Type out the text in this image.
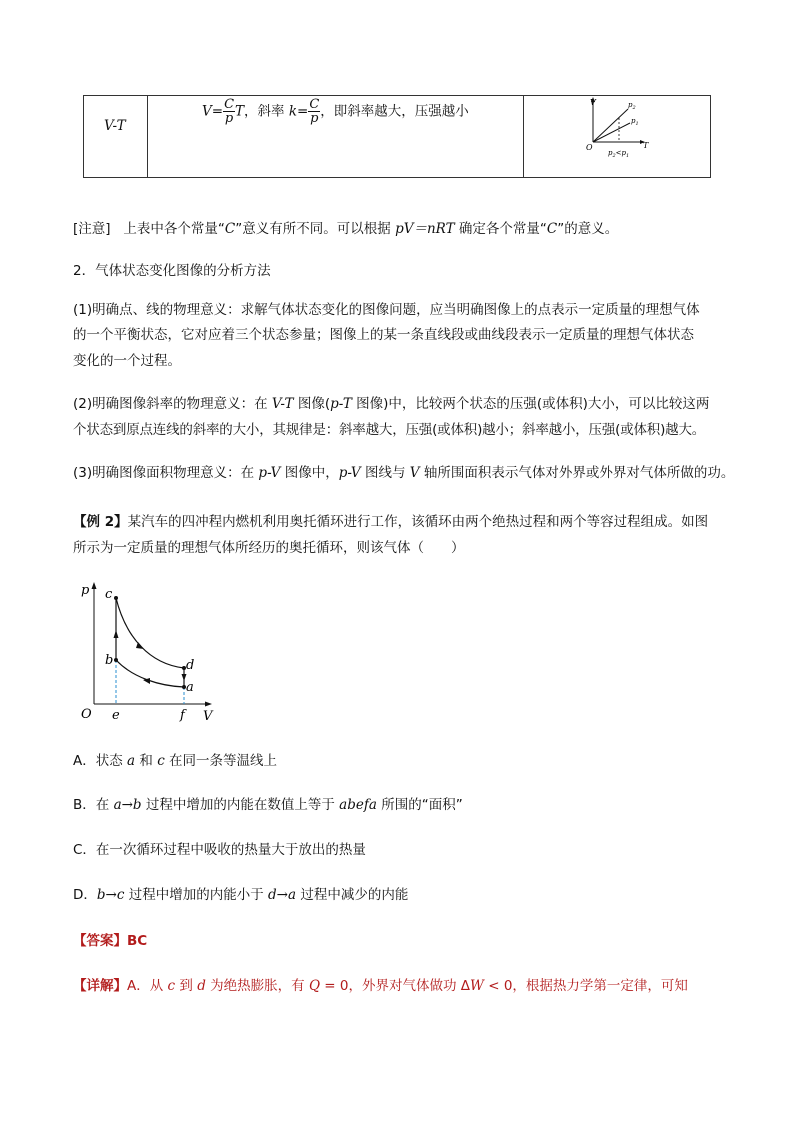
V-T
$V= \frac{C}{p}$ T，斜率 $k= \frac{C}{p}$ ，即斜率越大，压强越小
V
T
O
$p_2$
$p_1$
$p_2<p_1$
[注意] 上表中各个常量“C”意义有所不同。可以根据 pV＝nRT 确定各个常量“C”的意义。
2．气体状态变化图像的分析方法
(1)明确点、线的物理意义：求解气体状态变化的图像问题，应当明确图像上的点表示一定质量的理想气体
的一个平衡状态，它对应着三个状态参量；图像上的某一条直线段或曲线段表示一定质量的理想气体状态
变化的一个过程。
(2)明确图像斜率的物理意义：在 V-T 图像(p-T 图像)中，比较两个状态的压强(或体积)大小，可以比较这两
个状态到原点连线的斜率的大小，其规律是：斜率越大，压强(或体积)越小；斜率越小，压强(或体积)越大。
(3)明确图像面积物理意义：在 p-V 图像中，p-V 图线与 V 轴所围面积表示气体对外界或外界对气体所做的功。
【例 2】某汽车的四冲程内燃机利用奥托循环进行工作，该循环由两个绝热过程和两个等容过程组成。如图
所示为一定质量的理想气体所经历的奥托循环，则该气体（　　）
p
V
O
c
b	d
a
e	f
A．状态 a 和 c 在同一条等温线上
B．在 a→b 过程中增加的内能在数值上等于 abefa 所围的“面积”
C．在一次循环过程中吸收的热量大于放出的热量
D．b→c 过程中增加的内能小于 d→a 过程中减少的内能
【答案】BC
【详解】A．从 c 到 d 为绝热膨胀，有 Q = 0，外界对气体做功 ΔW < 0，根据热力学第一定律，可知
